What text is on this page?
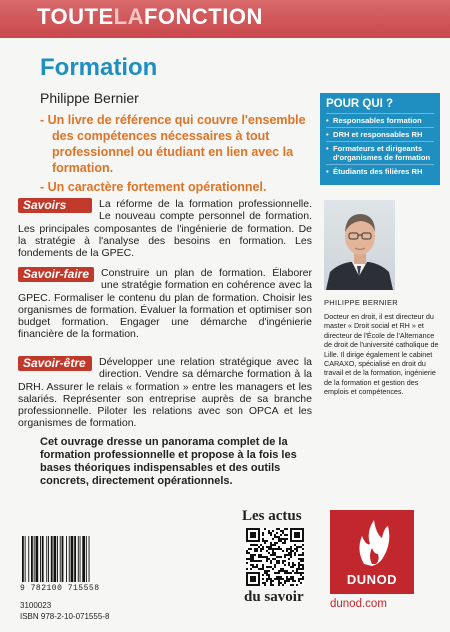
TOUTELAFONCTION
Formation
Philippe Bernier
- Un livre de référence qui couvre l'ensemble des compétences nécessaires à tout professionnel ou étudiant en lien avec la formation.
- Un caractère fortement opérationnel.
Savoirs	La réforme de la formation professionnelle. Le nouveau compte personnel de formation. Les principales composantes de l'ingénierie de formation. De la stratégie à l'analyse des besoins en formation. Les fondements de la GPEC.
Savoir-faire	Construire un plan de formation. Élaborer une stratégie formation en cohérence avec la GPEC. Formaliser le contenu du plan de formation. Choisir les organismes de formation. Évaluer la formation et optimiser son budget formation. Engager une démarche d'ingénierie financière de la formation.
Savoir-être	Développer une relation stratégique avec la direction. Vendre sa démarche formation à la DRH. Assurer le relais « formation » entre les managers et les salariés. Représenter son entreprise auprès de sa branche professionnelle. Piloter les relations avec son OPCA et les organismes de formation.
Cet ouvrage dresse un panorama complet de la formation professionnelle et propose à la fois les bases théoriques indispensables et des outils concrets, directement opérationnels.
POUR QUI ?
• Responsables formation
• DRH et responsables RH
• Formateurs et dirigeants d'organismes de formation
• Étudiants des filières RH
PHILIPPE BERNIER
Docteur en droit, il est directeur du master « Droit social et RH » et directeur de l'École de l'Alternance de droit de l'université catholique de Lille. Il dirige également le cabinet CARAXO, spécialisé en droit du travail et de la formation, ingénierie de la formation et gestion des emplois et compétences.
9 782100 715558
3100023
ISBN 978-2-10-071555-8
Les actus
du savoir
DUNOD
dunod.com
